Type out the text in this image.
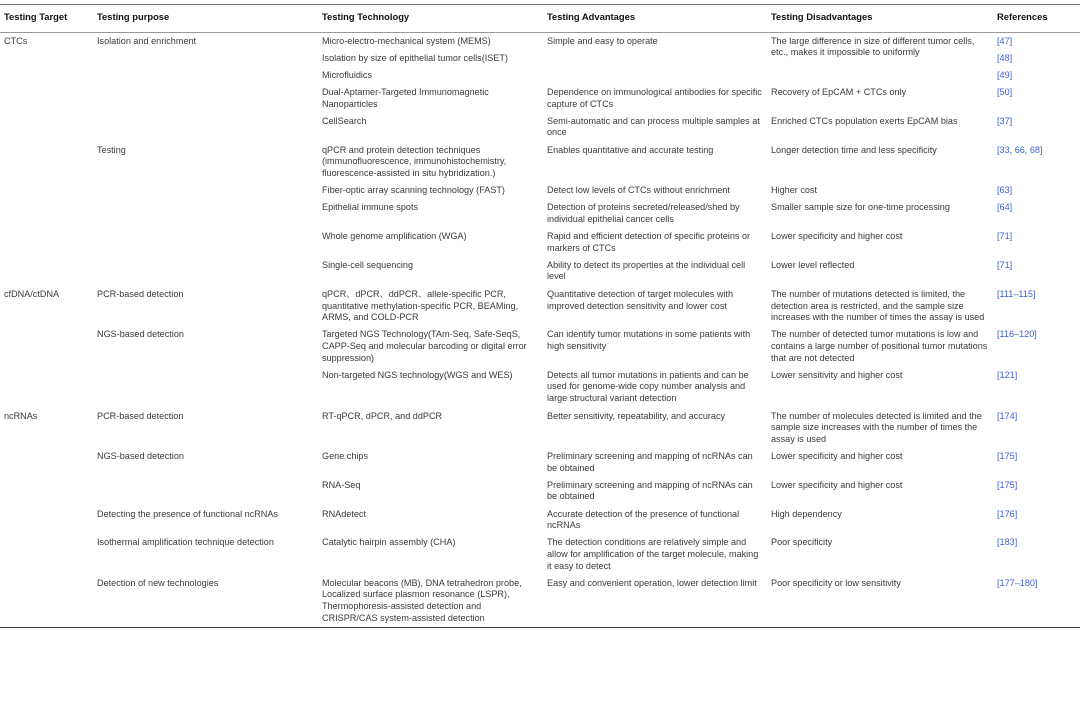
Testing Target	Testing purpose	Testing Technology	Testing Advantages	Testing Disadvantages	References
CTCs	Isolation and enrichment	Micro-electro-mechanical system (MEMS)	Simple and easy to operate	The large difference in size of different tumor cells, etc., makes it impossible to uniformly	[47]
		Isolation by size of epithelial tumor cells(ISET)			[48]
		Microfluidics			[49]
		Dual-Aptamer-Targeted Immunomagnetic Nanoparticles	Dependence on immunological antibodies for specific capture of CTCs	Recovery of EpCAM + CTCs only	[50]
		CellSearch	Semi-automatic and can process multiple samples at once	Enriched CTCs population exerts EpCAM bias	[37]
	Testing	qPCR and protein detection techniques (immunofluorescence, immunohistochemistry, fluorescence-assisted in situ hybridization.)	Enables quantitative and accurate testing	Longer detection time and less specificity	[33, 66, 68]
		Fiber-optic array scanning technology (FAST)	Detect low levels of CTCs without enrichment	Higher cost	[63]
		Epithelial immune spots	Detection of proteins secreted/released/shed by individual epithelial cancer cells	Smaller sample size for one-time processing	[64]
		Whole genome amplification (WGA)	Rapid and efficient detection of specific proteins or markers of CTCs	Lower specificity and higher cost	[71]
		Single-cell sequencing	Ability to detect its properties at the individual cell level	Lower level reflected	[71]
cfDNA/ctDNA	PCR-based detection	qPCR、dPCR、ddPCR、allele-specific PCR, quantitative methylation-specific PCR, BEAMing, ARMS, and COLD-PCR	Quantitative detection of target molecules with improved detection sensitivity and lower cost	The number of mutations detected is limited, the detection area is restricted, and the sample size increases with the number of times the assay is used	[111–115]
	NGS-based detection	Targeted NGS Technology(TAm-Seq, Safe-SeqS, CAPP-Seq and molecular barcoding or digital error suppression)	Can identify tumor mutations in some patients with high sensitivity	The number of detected tumor mutations is low and contains a large number of positional tumor mutations that are not detected	[116–120]
		Non-targeted NGS technology(WGS and WES)	Detects all tumor mutations in patients and can be used for genome-wide copy number analysis and large structural variant detection	Lower sensitivity and higher cost	[121]
ncRNAs	PCR-based detection	RT-qPCR, dPCR, and ddPCR	Better sensitivity, repeatability, and accuracy	The number of molecules detected is limited and the sample size increases with the number of times the assay is used	[174]
	NGS-based detection	Gene chips	Preliminary screening and mapping of ncRNAs can be obtained	Lower specificity and higher cost	[175]
		RNA-Seq	Preliminary screening and mapping of ncRNAs can be obtained	Lower specificity and higher cost	[175]
	Detecting the presence of functional ncRNAs	RNAdetect	Accurate detection of the presence of functional ncRNAs	High dependency	[176]
	Isothermal amplification technique detection	Catalytic hairpin assembly (CHA)	The detection conditions are relatively simple and allow for amplification of the target molecule, making it easy to detect	Poor specificity	[183]
	Detection of new technologies	Molecular beacons (MB), DNA tetrahedron probe, Localized surface plasmon resonance (LSPR), Thermophoresis-assisted detection and CRISPR/CAS system-assisted detection	Easy and convenient operation, lower detection limit	Poor specificity or low sensitivity	[177–180]
